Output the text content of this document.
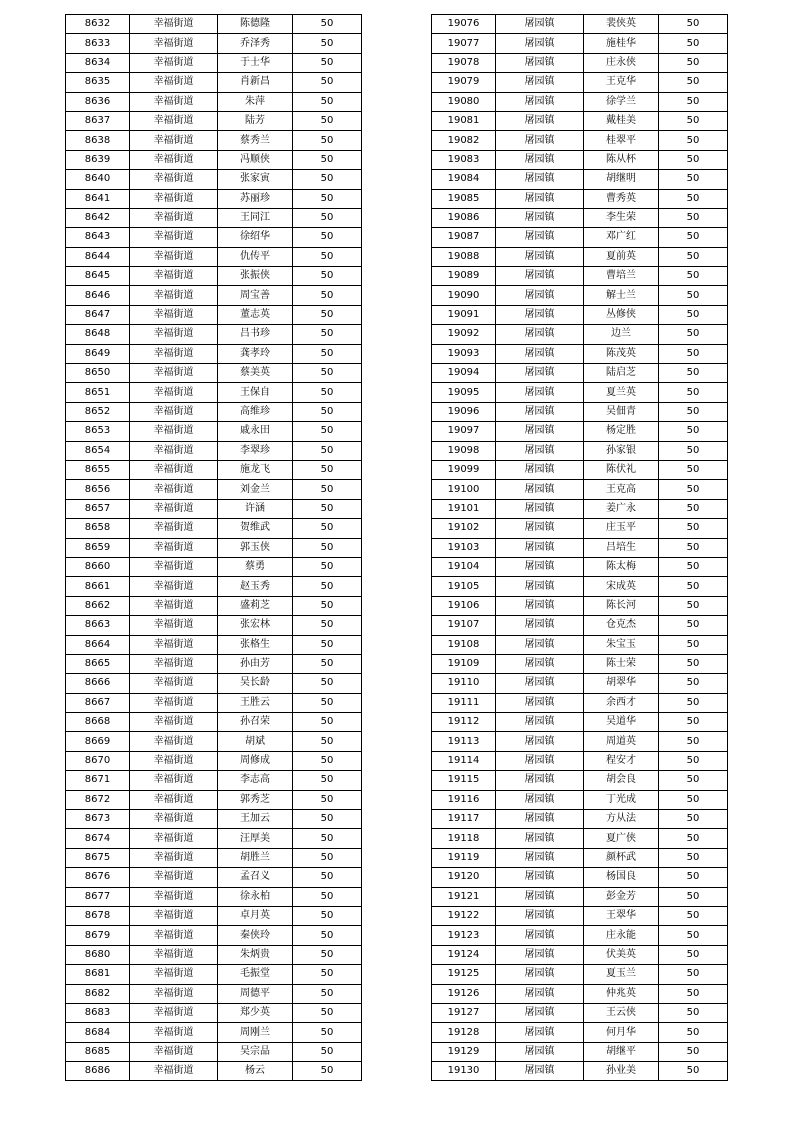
8632	幸福街道	陈德隆	50
8633	幸福街道	乔泽秀	50
8634	幸福街道	于士华	50
8635	幸福街道	肖新昌	50
8636	幸福街道	朱萍	50
8637	幸福街道	陆芳	50
8638	幸福街道	蔡秀兰	50
8639	幸福街道	冯顺侠	50
8640	幸福街道	张家寅	50
8641	幸福街道	苏丽珍	50
8642	幸福街道	王同江	50
8643	幸福街道	徐绍华	50
8644	幸福街道	仇传平	50
8645	幸福街道	张振侠	50
8646	幸福街道	周宝善	50
8647	幸福街道	董志英	50
8648	幸福街道	吕书珍	50
8649	幸福街道	龚孝玲	50
8650	幸福街道	蔡美英	50
8651	幸福街道	王保自	50
8652	幸福街道	高维珍	50
8653	幸福街道	戚永田	50
8654	幸福街道	李翠珍	50
8655	幸福街道	施龙飞	50
8656	幸福街道	刘金兰	50
8657	幸福街道	许涵	50
8658	幸福街道	贺维武	50
8659	幸福街道	郭玉侠	50
8660	幸福街道	蔡勇	50
8661	幸福街道	赵玉秀	50
8662	幸福街道	盛莉芝	50
8663	幸福街道	张宏林	50
8664	幸福街道	张格生	50
8665	幸福街道	孙由芳	50
8666	幸福街道	吴长龄	50
8667	幸福街道	王胜云	50
8668	幸福街道	孙召荣	50
8669	幸福街道	胡斌	50
8670	幸福街道	周修成	50
8671	幸福街道	李志高	50
8672	幸福街道	郭秀芝	50
8673	幸福街道	王加云	50
8674	幸福街道	汪厚美	50
8675	幸福街道	胡胜兰	50
8676	幸福街道	孟召义	50
8677	幸福街道	徐永柏	50
8678	幸福街道	卓月英	50
8679	幸福街道	秦侠玲	50
8680	幸福街道	朱炳贵	50
8681	幸福街道	毛振堂	50
8682	幸福街道	周德平	50
8683	幸福街道	郑少英	50
8684	幸福街道	周刚兰	50
8685	幸福街道	吴宗品	50
8686	幸福街道	杨云	50
19076	屠园镇	裴侠英	50
19077	屠园镇	施桂华	50
19078	屠园镇	庄永侠	50
19079	屠园镇	王克华	50
19080	屠园镇	徐学兰	50
19081	屠园镇	戴桂美	50
19082	屠园镇	桂翠平	50
19083	屠园镇	陈从杯	50
19084	屠园镇	胡继明	50
19085	屠园镇	曹秀英	50
19086	屠园镇	李生荣	50
19087	屠园镇	邓广红	50
19088	屠园镇	夏前英	50
19089	屠园镇	曹培兰	50
19090	屠园镇	解士兰	50
19091	屠园镇	丛修侠	50
19092	屠园镇	边兰	50
19093	屠园镇	陈茂英	50
19094	屠园镇	陆启芝	50
19095	屠园镇	夏兰英	50
19096	屠园镇	吴佃青	50
19097	屠园镇	杨定胜	50
19098	屠园镇	孙家银	50
19099	屠园镇	陈伏礼	50
19100	屠园镇	王克高	50
19101	屠园镇	姜广永	50
19102	屠园镇	庄玉平	50
19103	屠园镇	吕培生	50
19104	屠园镇	陈太梅	50
19105	屠园镇	宋成英	50
19106	屠园镇	陈长河	50
19107	屠园镇	仓克杰	50
19108	屠园镇	朱宝玉	50
19109	屠园镇	陈士荣	50
19110	屠园镇	胡翠华	50
19111	屠园镇	余西才	50
19112	屠园镇	吴道华	50
19113	屠园镇	周道英	50
19114	屠园镇	程安才	50
19115	屠园镇	胡会良	50
19116	屠园镇	丁光成	50
19117	屠园镇	方从法	50
19118	屠园镇	夏广侠	50
19119	屠园镇	颜杯武	50
19120	屠园镇	杨国良	50
19121	屠园镇	彭金芳	50
19122	屠园镇	王翠华	50
19123	屠园镇	庄永能	50
19124	屠园镇	伏美英	50
19125	屠园镇	夏玉兰	50
19126	屠园镇	仲兆英	50
19127	屠园镇	王云侠	50
19128	屠园镇	何月华	50
19129	屠园镇	胡继平	50
19130	屠园镇	孙业美	50
